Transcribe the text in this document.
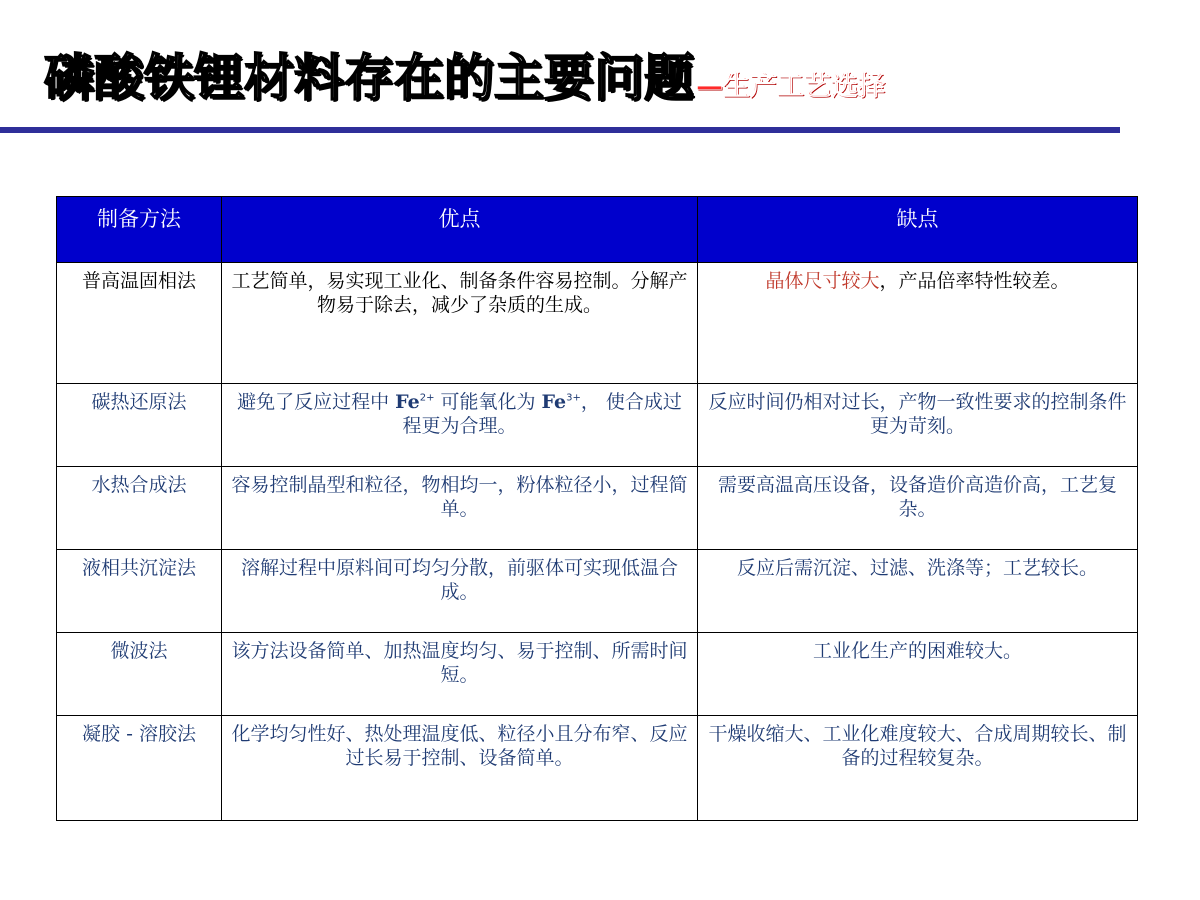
磷酸铁锂材料存在的主要问题—生产工艺选择
制备方法	优点	缺点
普高温固相法	工艺简单，易实现工业化、制备条件容易控制。分解产物易于除去，减少了杂质的生成。	晶体尺寸较大，产品倍率特性较差。
碳热还原法	避免了反应过程中 $Fe^{2+}$ 可能氧化为 $Fe^{3+}$， 使合成过程更为合理。	反应时间仍相对过长，产物一致性要求的控制条件更为苛刻。
水热合成法	容易控制晶型和粒径，物相均一，粉体粒径小，过程简单。	需要高温高压设备，设备造价高造价高，工艺复杂。
液相共沉淀法	溶解过程中原料间可均匀分散，前驱体可实现低温合成。	反应后需沉淀、过滤、洗涤等；工艺较长。
微波法	该方法设备简单、加热温度均匀、易于控制、所需时间短。	工业化生产的困难较大。
凝胶 - 溶胶法	化学均匀性好、热处理温度低、粒径小且分布窄、反应过长易于控制、设备简单。	干燥收缩大、工业化难度较大、合成周期较长、制备的过程较复杂。
